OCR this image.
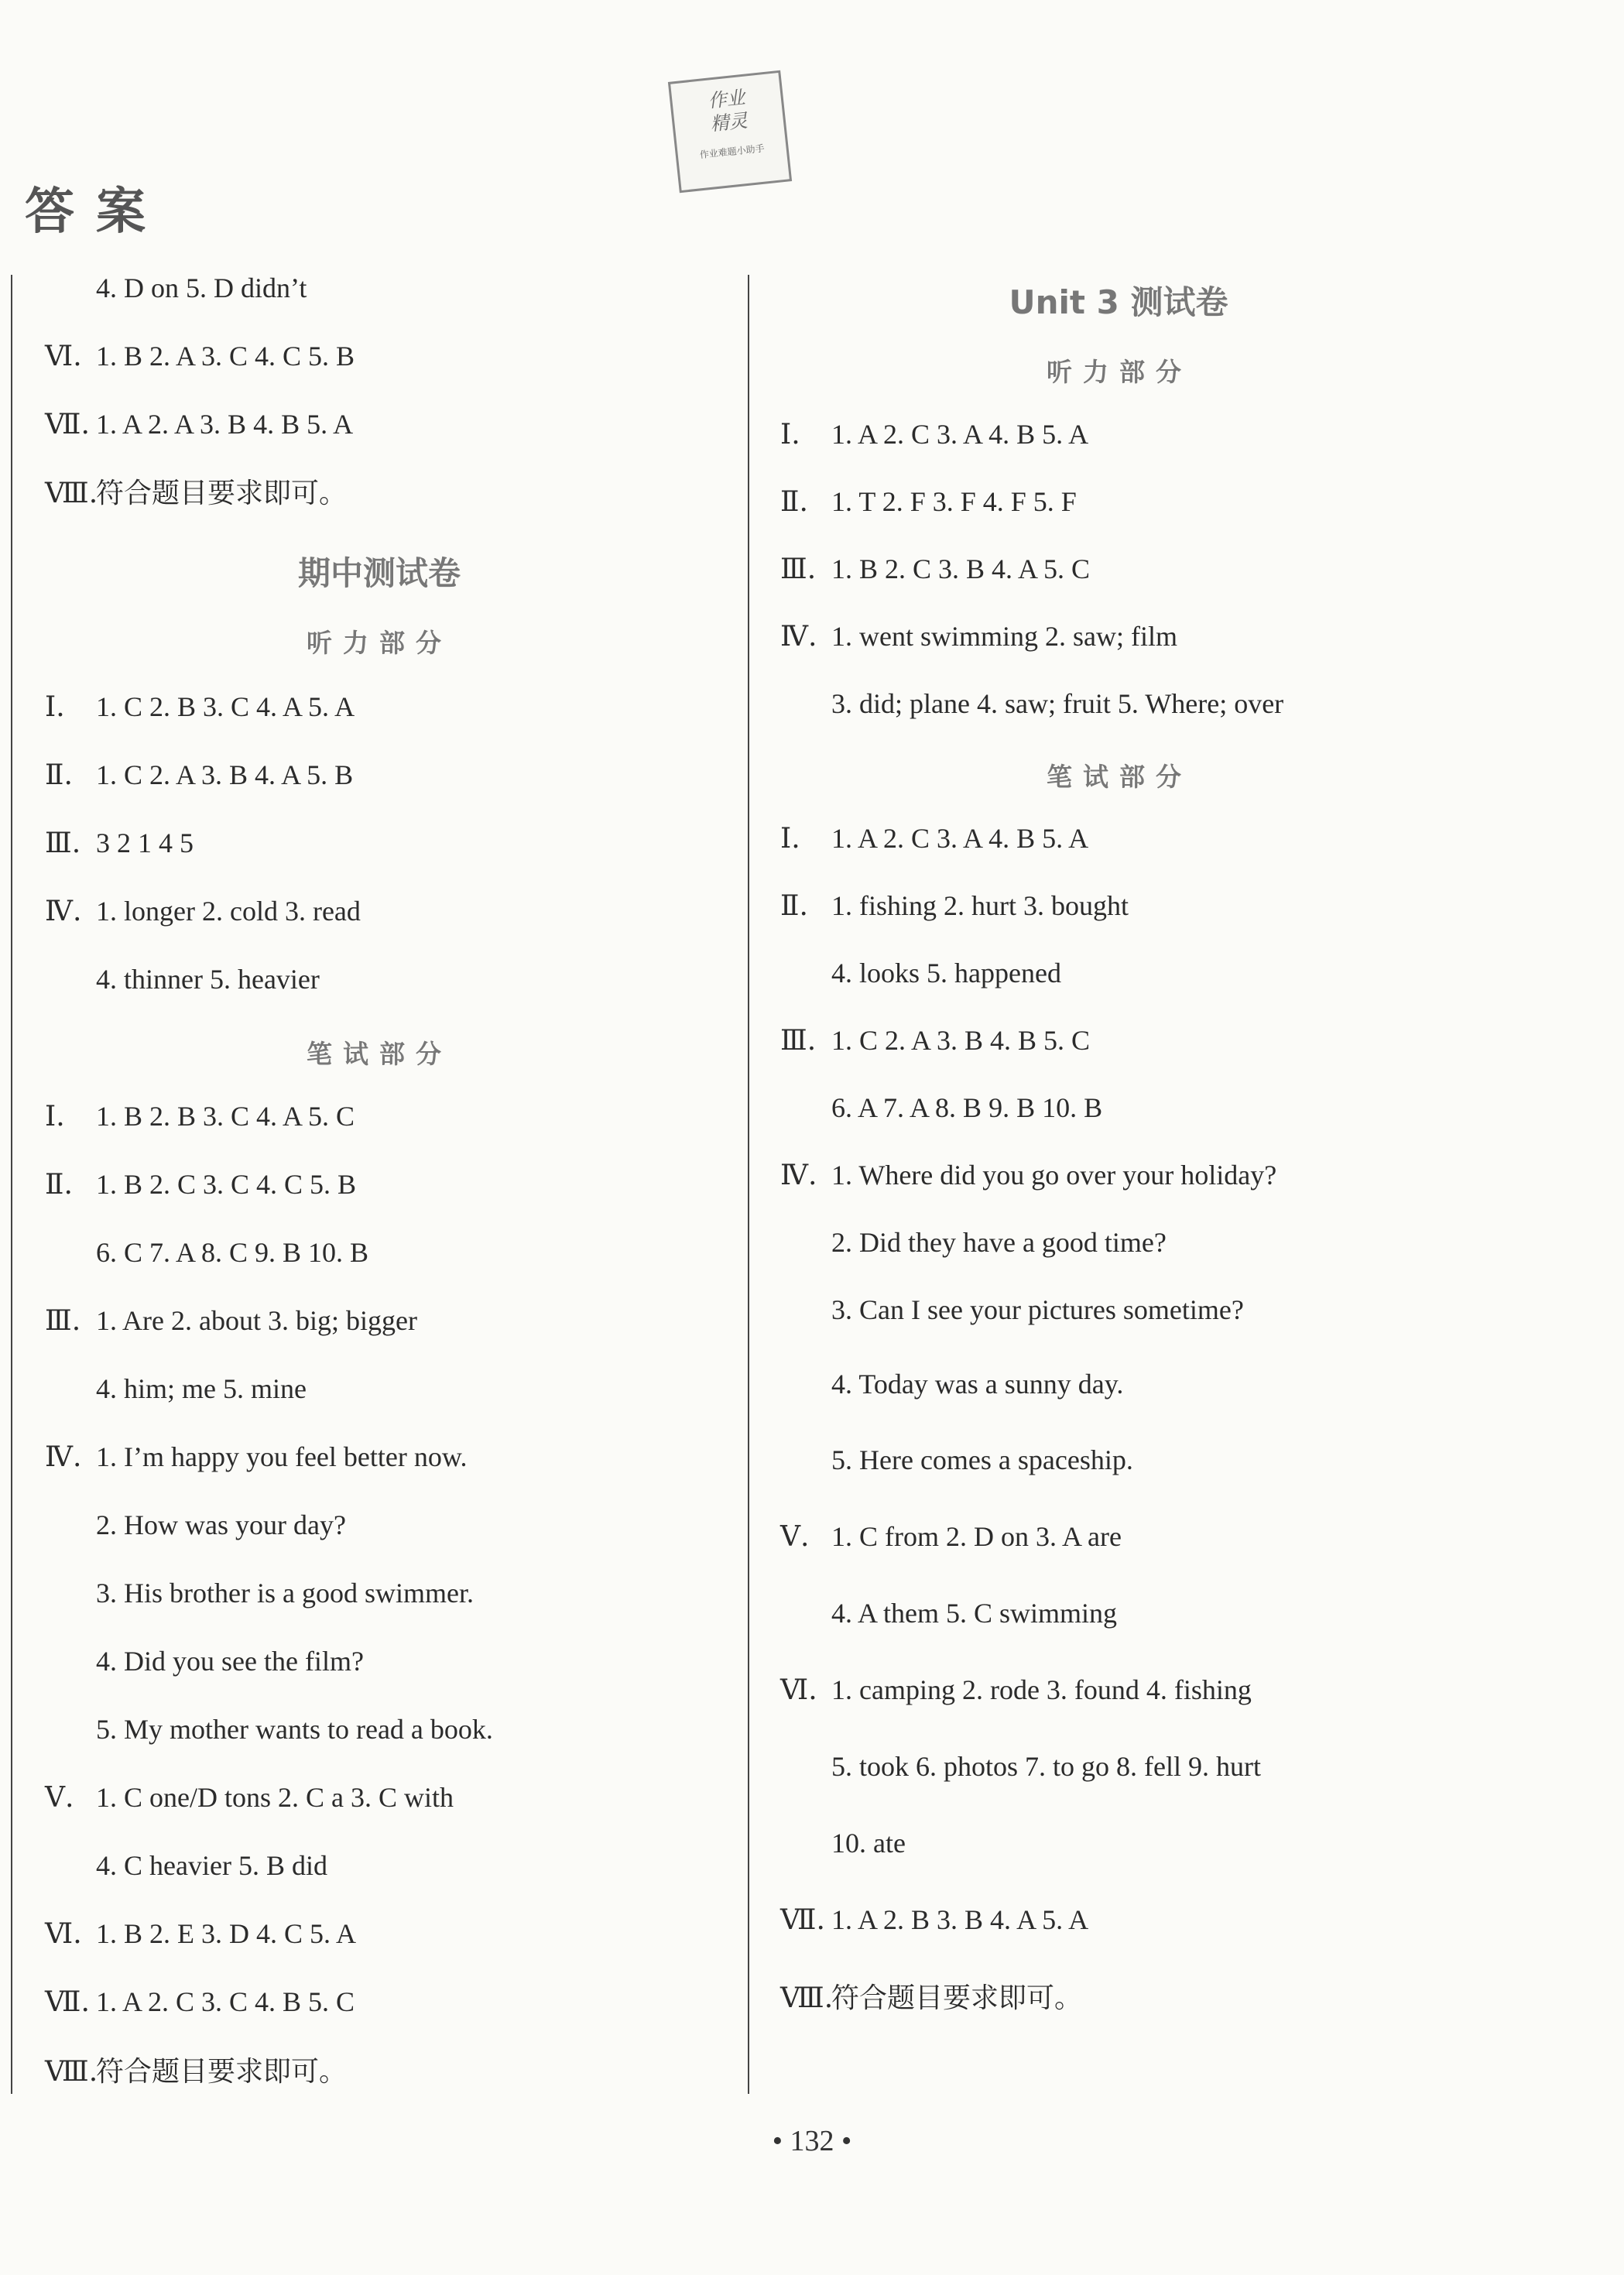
作业
精灵
作业难题小助手
答案
4. D on 5. D didn’t
Ⅵ. 1. B 2. A 3. C 4. C 5. B
Ⅶ. 1. A 2. A 3. B 4. B 5. A
Ⅷ.符合题目要求即可。
期中测试卷
听力部分
Ⅰ. 1. C 2. B 3. C 4. A 5. A
Ⅱ. 1. C 2. A 3. B 4. A 5. B
Ⅲ. 3 2 1 4 5
Ⅳ. 1. longer 2. cold 3. read
4. thinner 5. heavier
笔试部分
Ⅰ. 1. B 2. B 3. C 4. A 5. C
Ⅱ. 1. B 2. C 3. C 4. C 5. B
6. C 7. A 8. C 9. B 10. B
Ⅲ. 1. Are 2. about 3. big; bigger
4. him; me 5. mine
Ⅳ. 1. I’m happy you feel better now.
2. How was your day?
3. His brother is a good swimmer.
4. Did you see the film?
5. My mother wants to read a book.
Ⅴ. 1. C one/D tons 2. C a 3. C with
4. C heavier 5. B did
Ⅵ. 1. B 2. E 3. D 4. C 5. A
Ⅶ. 1. A 2. C 3. C 4. B 5. C
Ⅷ.符合题目要求即可。
Unit 3 测试卷
听力部分
Ⅰ. 1. A 2. C 3. A 4. B 5. A
Ⅱ. 1. T 2. F 3. F 4. F 5. F
Ⅲ. 1. B 2. C 3. B 4. A 5. C
Ⅳ. 1. went swimming 2. saw; film
3. did; plane 4. saw; fruit 5. Where; over
笔试部分
Ⅰ. 1. A 2. C 3. A 4. B 5. A
Ⅱ. 1. fishing 2. hurt 3. bought
4. looks 5. happened
Ⅲ. 1. C 2. A 3. B 4. B 5. C
6. A 7. A 8. B 9. B 10. B
Ⅳ. 1. Where did you go over your holiday?
2. Did they have a good time?
3. Can I see your pictures sometime?
4. Today was a sunny day.
5. Here comes a spaceship.
Ⅴ. 1. C from 2. D on 3. A are
4. A them 5. C swimming
Ⅵ. 1. camping 2. rode 3. found 4. fishing
5. took 6. photos 7. to go 8. fell 9. hurt
10. ate
Ⅶ. 1. A 2. B 3. B 4. A 5. A
Ⅷ.符合题目要求即可。
• 132 •
